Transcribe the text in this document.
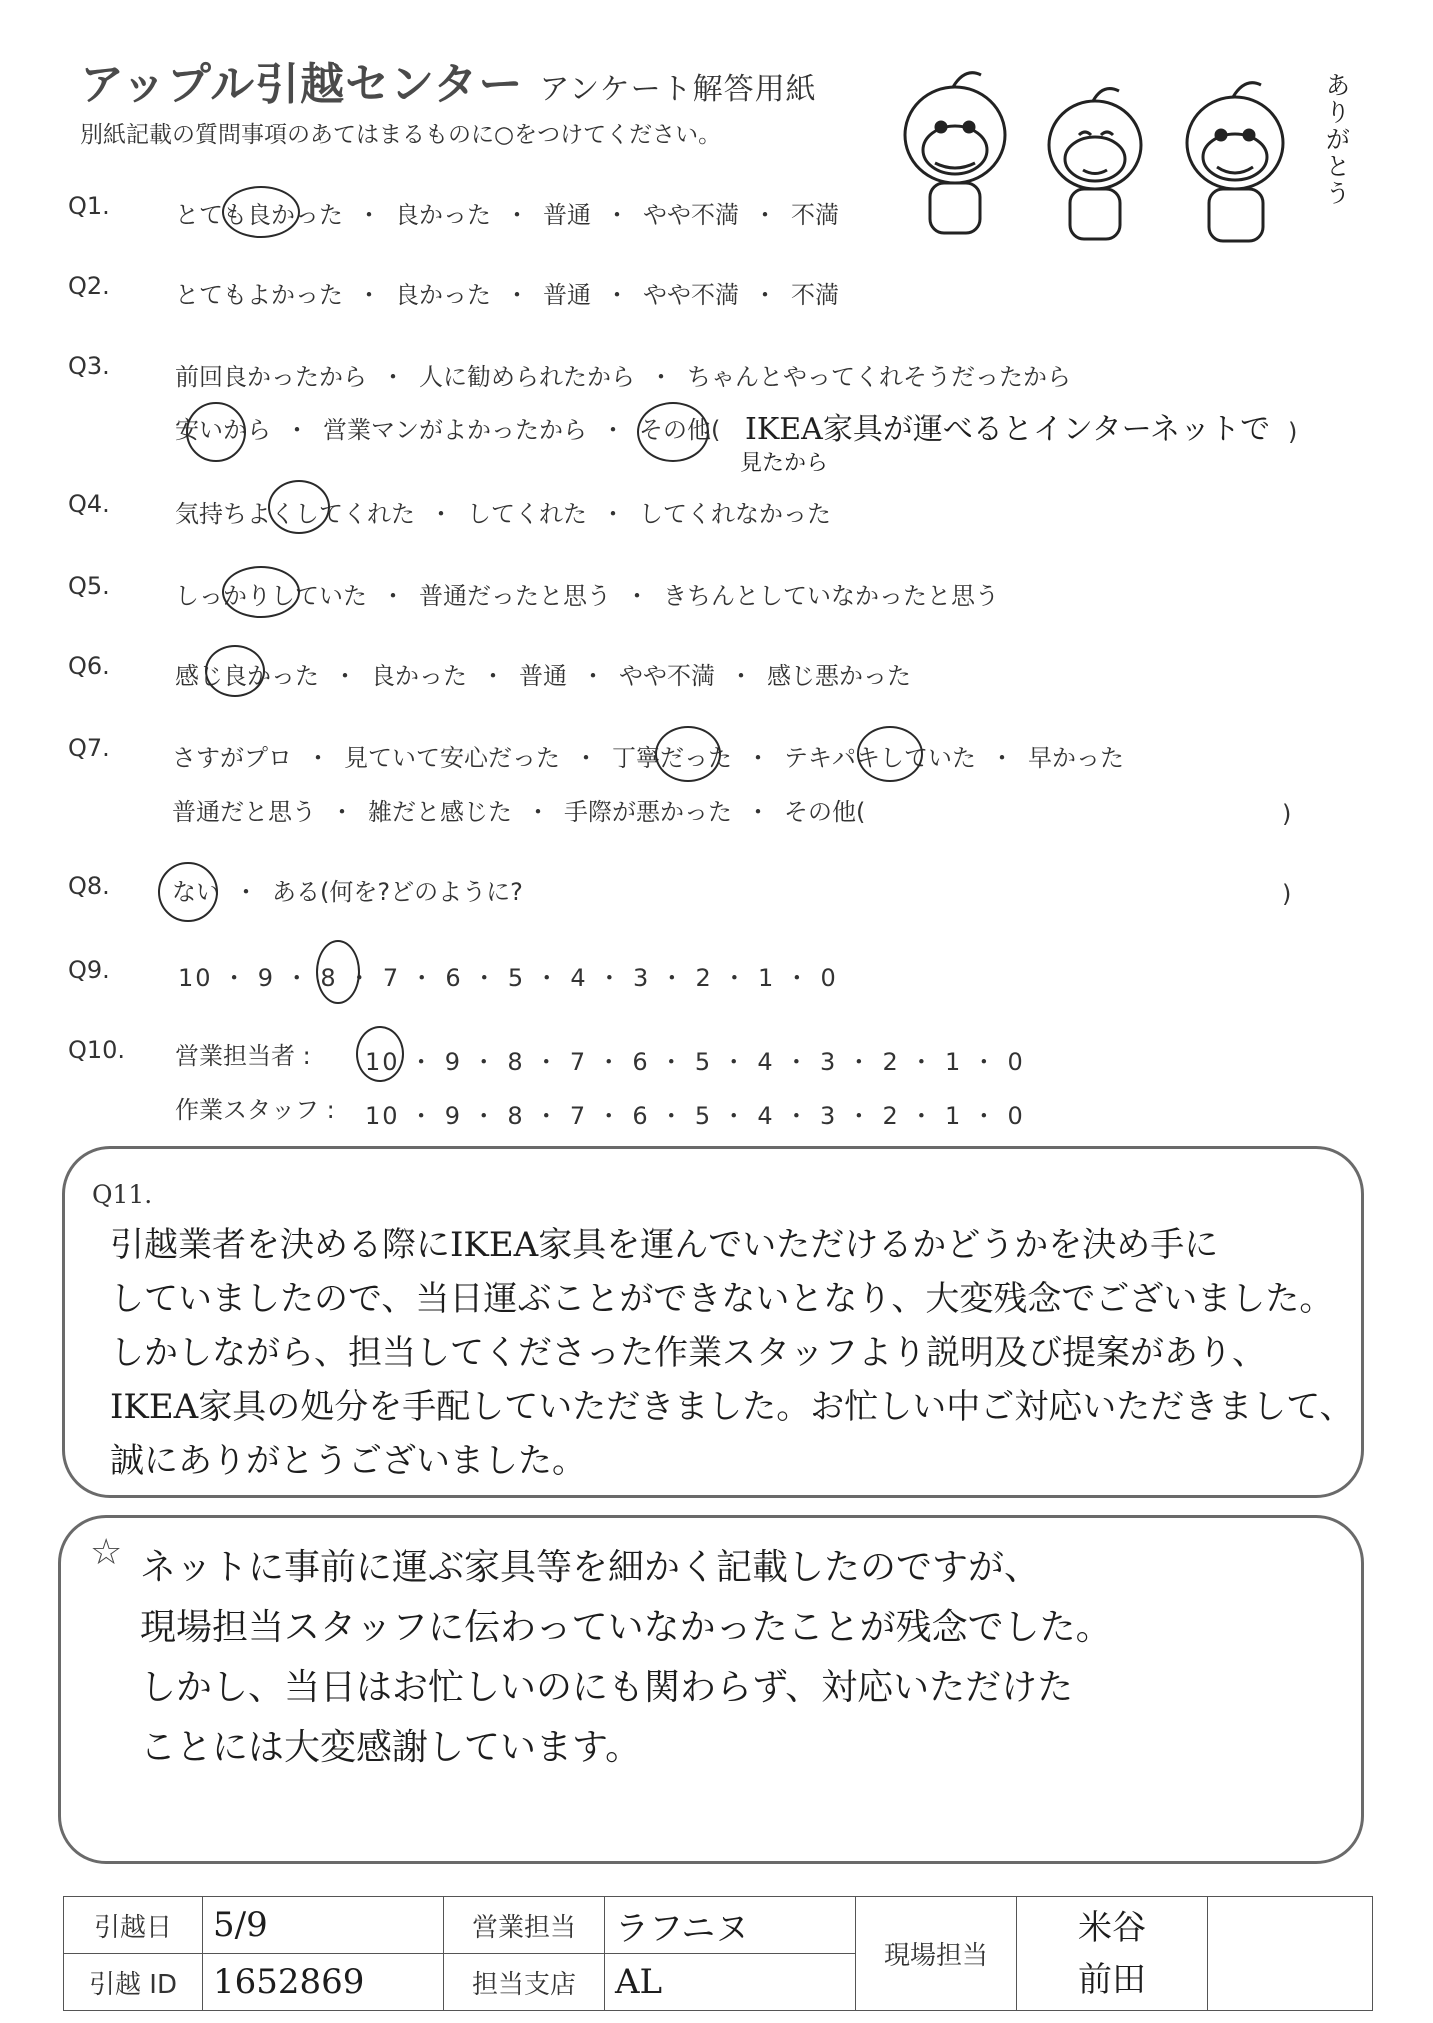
アップル引越センター アンケート解答用紙
別紙記載の質問事項のあてはまるものに○をつけてください。	ありがとう
Q1.	とても良かった ・ 良かった ・ 普通 ・ やや不満 ・ 不満
Q2.	とてもよかった ・ 良かった ・ 普通 ・ やや不満 ・ 不満
Q3.	前回良かったから ・ 人に勧められたから ・ ちゃんとやってくれそうだったから
安いから ・ 営業マンがよかったから ・ その他( IKEA家具が運べるとインターネットで
見たから
)
Q4.	気持ちよくしてくれた ・ してくれた ・ してくれなかった
Q5.	しっかりしていた ・ 普通だったと思う ・ きちんとしていなかったと思う
Q6.	感じ良かった ・ 良かった ・ 普通 ・ やや不満 ・ 感じ悪かった
Q7.	さすがプロ ・ 見ていて安心だった ・ 丁寧だった ・ テキパキしていた ・ 早かった
普通だと思う ・ 雑だと感じた ・ 手際が悪かった ・ その他(	)
Q8.	ない ・ ある(何を?どのように?	)
Q9.	10 ・ 9 ・ 8 ・ 7 ・ 6 ・ 5 ・ 4 ・ 3 ・ 2 ・ 1 ・ 0
Q10. 営業担当者 : 10 ・ 9 ・ 8 ・ 7 ・ 6 ・ 5 ・ 4 ・ 3 ・ 2 ・ 1 ・ 0
作業スタッフ : 10 ・ 9 ・ 8 ・ 7 ・ 6 ・ 5 ・ 4 ・ 3 ・ 2 ・ 1 ・ 0
Q11.
引越業者を決める際にIKEA家具を運んでいただけるかどうかを決め手に
していましたので、当日運ぶことができないとなり、大変残念でございました。
しかしながら、担当してくださった作業スタッフより説明及び提案があり、
IKEA家具の処分を手配していただきました。お忙しい中ご対応いただきまして、
誠にありがとうございました。
☆ ネットに事前に運ぶ家具等を細かく記載したのですが、
現場担当スタッフに伝わっていなかったことが残念でした。
しかし、当日はお忙しいのにも関わらず、対応いただけた
ことには大変感謝しています。
引越日	5/9	営業担当	ラフニヌ	現場担当	米谷
前田	

引越 ID	1652869	担当支店	AL			
